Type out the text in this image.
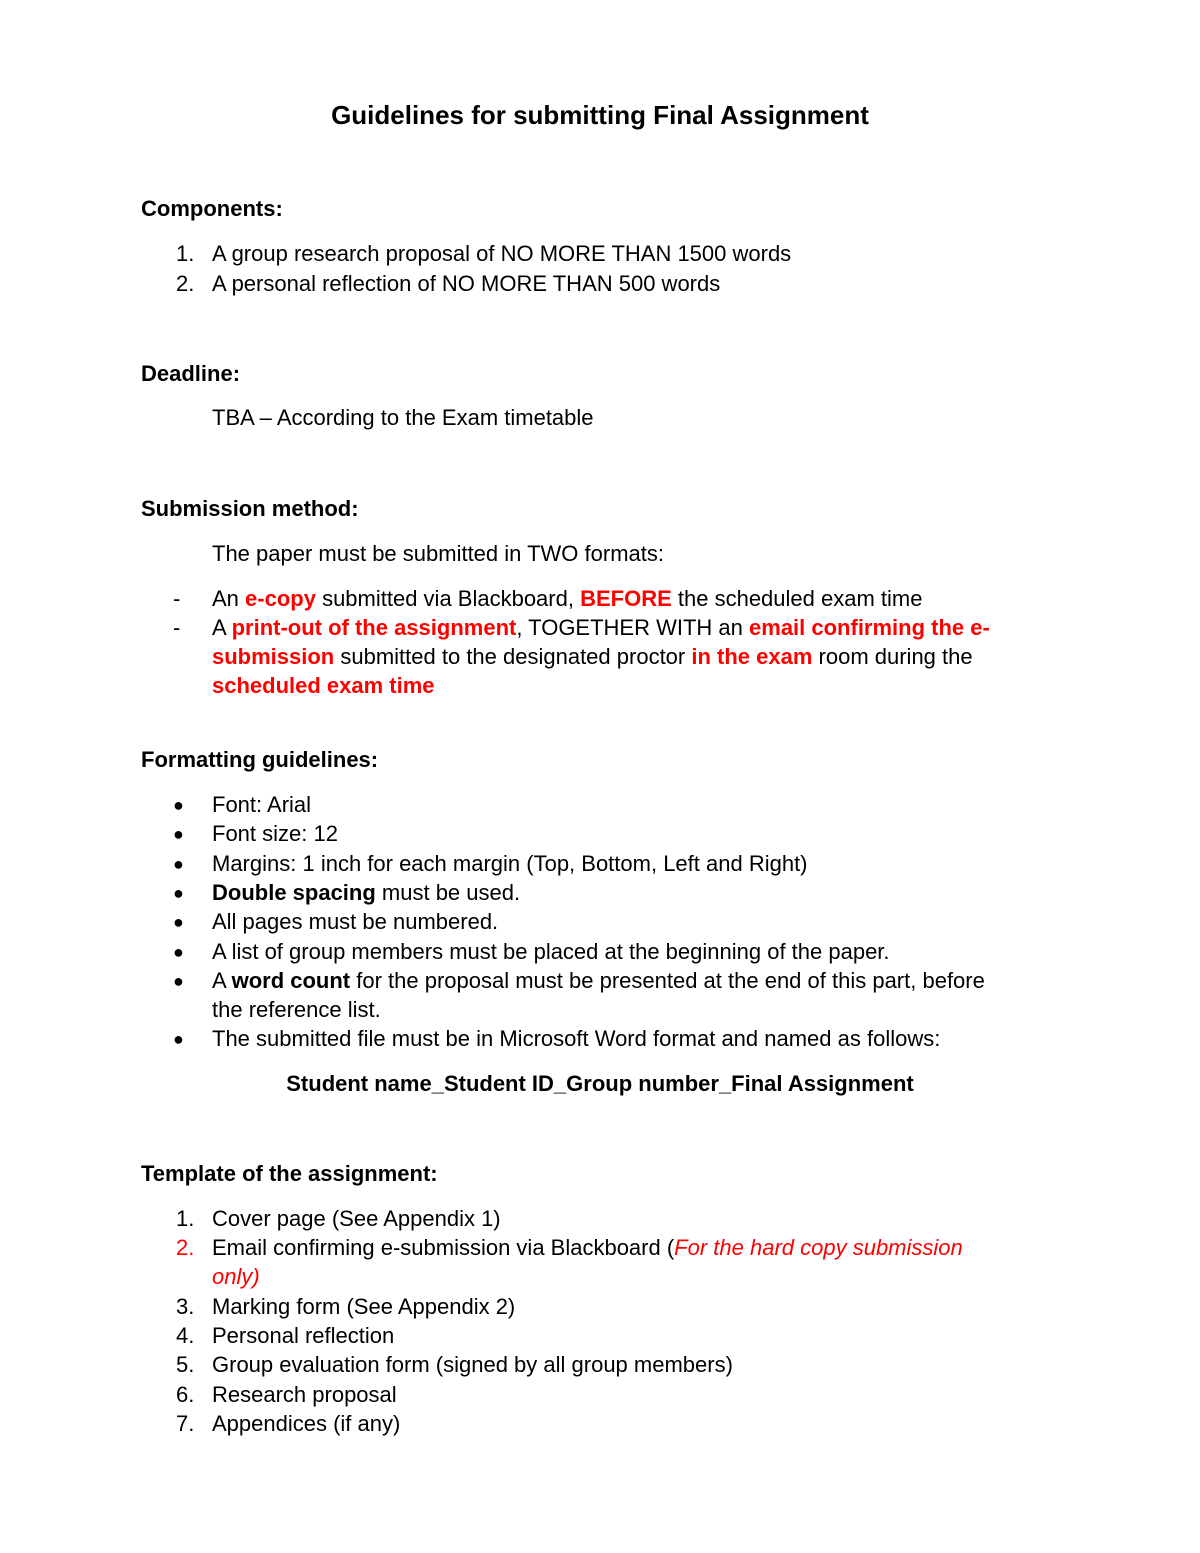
Guidelines for submitting Final Assignment
Components:
1. A group research proposal of NO MORE THAN 1500 words
2. A personal reflection of NO MORE THAN 500 words
Deadline:
TBA – According to the Exam timetable
Submission method:
The paper must be submitted in TWO formats:
- An e-copy submitted via Blackboard, BEFORE the scheduled exam time
- A print-out of the assignment, TOGETHER WITH an email confirming the e-
submission submitted to the designated proctor in the exam room during the
scheduled exam time
Formatting guidelines:
● Font: Arial
● Font size: 12
● Margins: 1 inch for each margin (Top, Bottom, Left and Right)
● Double spacing must be used.
● All pages must be numbered.
● A list of group members must be placed at the beginning of the paper.
● A word count for the proposal must be presented at the end of this part, before
the reference list.
● The submitted file must be in Microsoft Word format and named as follows:
Student name_Student ID_Group number_Final Assignment
Template of the assignment:
1. Cover page (See Appendix 1)
2. Email confirming e-submission via Blackboard (For the hard copy submission
only)
3. Marking form (See Appendix 2)
4. Personal reflection
5. Group evaluation form (signed by all group members)
6. Research proposal
7. Appendices (if any)
